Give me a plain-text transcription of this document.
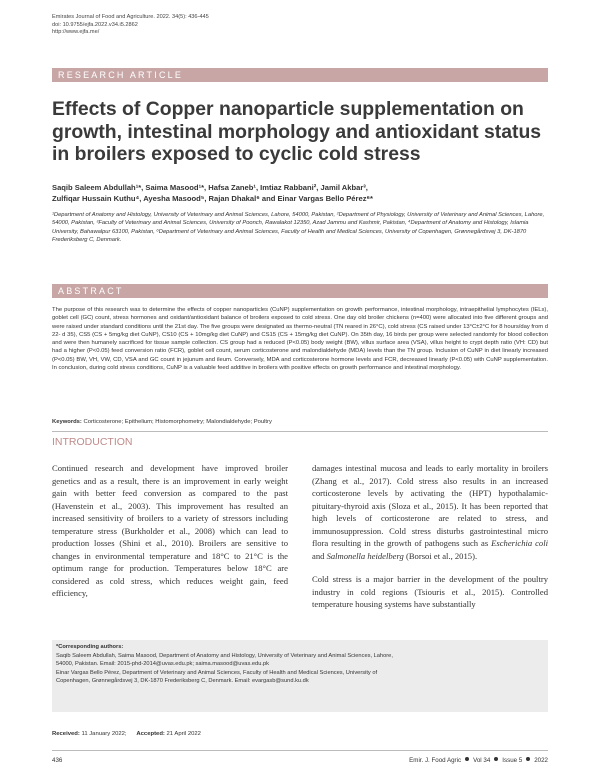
Emirates Journal of Food and Agriculture. 2022. 34(5): 436-445
doi: 10.9755/ejfa.2022.v34.i5.2862
http://www.ejfa.me/
RESEARCH ARTICLE
Effects of Copper nanoparticle supplementation on growth, intestinal morphology and antioxidant status in broilers exposed to cyclic cold stress
Saqib Saleem Abdullah¹*, Saima Masood¹*, Hafsa Zaneb¹, Imtiaz Rabbani², Jamil Akbar³,
Zulfiqar Hussain Kuthu⁴, Ayesha Masood⁵, Rajan Dhakal⁶ and Einar Vargas Bello Pérez⁶*
¹Department of Anatomy and Histology, University of Veterinary and Animal Sciences, Lahore, 54000, Pakistan, ²Department of Physiology, University of Veterinary and Animal Sciences, Lahore, 54000, Pakistan, ³Faculty of Veterinary and Animal Sciences, University of Poonch, Rawalakot 12350, Azad Jammu and Kashmir, Pakistan, ⁴Department of Anatomy and Histology, Islamia University, Bahawalpur 63100, Pakistan, ⁶Department of Veterinary and Animal Sciences, Faculty of Health and Medical Sciences, University of Copenhagen, Grønnegårdsvej 3, DK-1870 Frederiksberg C, Denmark.
ABSTRACT
The purpose of this research was to determine the effects of copper nanoparticles (CuNP) supplementation on growth performance, intestinal morphology, intraepithelial lymphocytes (IELs), goblet cell (GC) count, stress hormones and oxidant/antioxidant balance of broilers exposed to cold stress. One day old broiler chickens (n=400) were allocated into five different groups and were raised under standard conditions until the 21st day. The five groups were designated as thermo-neutral (TN reared in 26°C), cold stress (CS raised under 13°C±2°C for 8 hours/day from d 22- d 35), CS5 (CS + 5mg/kg diet CuNP), CS10 (CS + 10mg/kg diet CuNP) and CS15 (CS + 15mg/kg diet CuNP). On 35th day, 16 birds per group were selected randomly for blood collection and were then humanely sacrificed for tissue sample collection. CS group had a reduced (P<0.05) body weight (BW), villus surface area (VSA), villus height to crypt depth ratio (VH: CD) but had a higher (P<0.05) feed conversion ratio (FCR), goblet cell count, serum corticosterone and malondialdehyde (MDA) levels than the TN group. Inclusion of CuNP in diet linearly increased (P<0.05) BW, VH, VW, CD, VSA and GC count in jejunum and ileum. Conversely, MDA and corticosterone hormone levels and FCR, decreased linearly (P<0.05) with CuNP supplementation. In conclusion, during cold stress conditions, CuNP is a valuable feed additive in broilers with positive effects on growth performance and intestinal morphology.
Keywords: Corticosterone; Epithelium; Histomorphometry; Malondialdehyde; Poultry
INTRODUCTION

Continued research and development have improved broiler genetics and as a result, there is an improvement in early weight gain with better feed conversion as compared to the past (Havenstein et al., 2003). This improvement has resulted an increased sensitivity of broilers to a variety of stressors including temperature stress (Burkholder et al., 2008) which can lead to production losses (Shini et al., 2010). Broilers are sensitive to changes in environmental temperature and 18°C to 21°C is the optimum range for production. Temperatures below 18°C are considered as cold stress, which reduces weight gain, feed efficiency,

damages intestinal mucosa and leads to early mortality in broilers (Zhang et al., 2017). Cold stress also results in an increased corticosterone levels by activating the (HPT) hypothalamic-pituitary-thyroid axis (Sloza et al., 2015). It has been reported that high levels of corticosterone are related to stress, and immunosuppression. Cold stress disturbs gastrointestinal micro flora resulting in the growth of pathogens such as Escherichia coli and Salmonella heidelberg (Borsoi et al., 2015).

Cold stress is a major barrier in the development of the poultry industry in cold regions (Tsiouris et al., 2015). Controlled temperature housing systems have substantially

*Corresponding authors:
Saqib Saleem Abdullah, Saima Masood, Department of Anatomy and Histology, University of Veterinary and Animal Sciences, Lahore,
54000, Pakistan. Email: 2015-phd-2014@uvas.edu.pk; saima.masood@uvas.edu.pk
Einar Vargas Bello Pérez, Department of Veterinary and Animal Sciences, Faculty of Health and Medical Sciences, University of
Copenhagen, Grønnegårdsvej 3, DK-1870 Frederiksberg C, Denmark. Email: evargasb@sund.ku.dk
Received: 11 January 2022; Accepted: 21 April 2022
436	Emir. J. Food Agric Vol 34 Issue 5 2022
